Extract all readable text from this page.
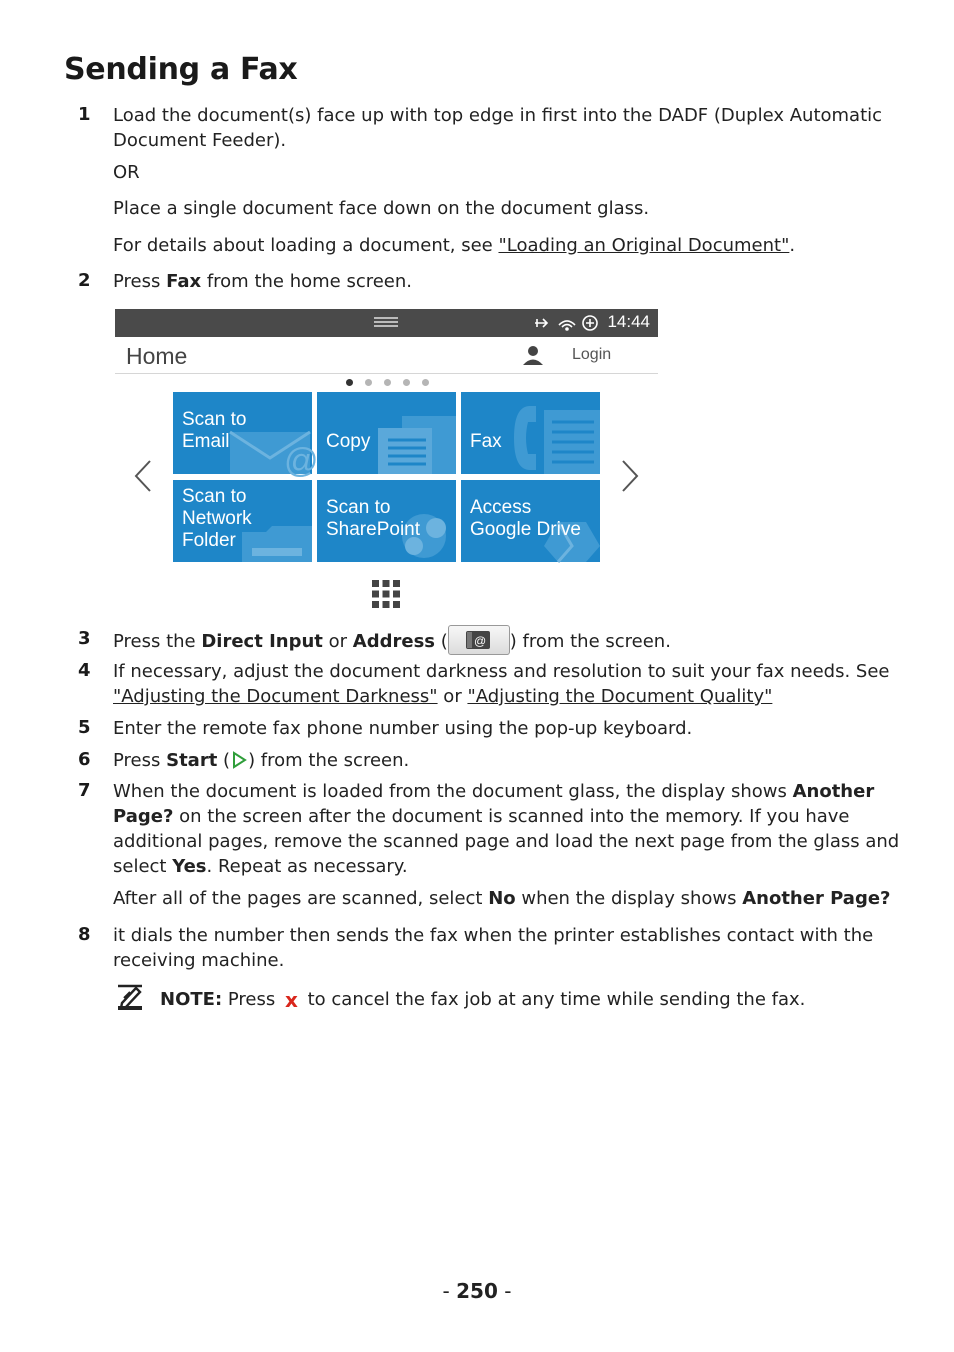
Sending a Fax
1 Load the document(s) face up with top edge in first into the DADF (Duplex Automatic Document Feeder).
OR
Place a single document face down on the document glass.
For details about loading a document, see "Loading an Original Document".
2 Press Fax from the home screen.
14:44
Home	Login
Scan to
Email
@
Copy	Fax
Scan to
Network
Folder
Scan to
SharePoint
Access
Google Drive
3 Press the Direct Input or Address ( @ ) from the screen.
4 If necessary, adjust the document darkness and resolution to suit your fax needs. See "Adjusting the Document Darkness" or "Adjusting the Document Quality"
5 Enter the remote fax phone number using the pop-up keyboard.
6 Press Start ( ) from the screen.
7 When the document is loaded from the document glass, the display shows Another Page? on the screen after the document is scanned into the memory. If you have additional pages, remove the scanned page and load the next page from the glass and select Yes. Repeat as necessary.
After all of the pages are scanned, select No when the display shows Another Page?
8 it dials the number then sends the fax when the printer establishes contact with the receiving machine.
NOTE: Press x to cancel the fax job at any time while sending the fax.
- 250 -
